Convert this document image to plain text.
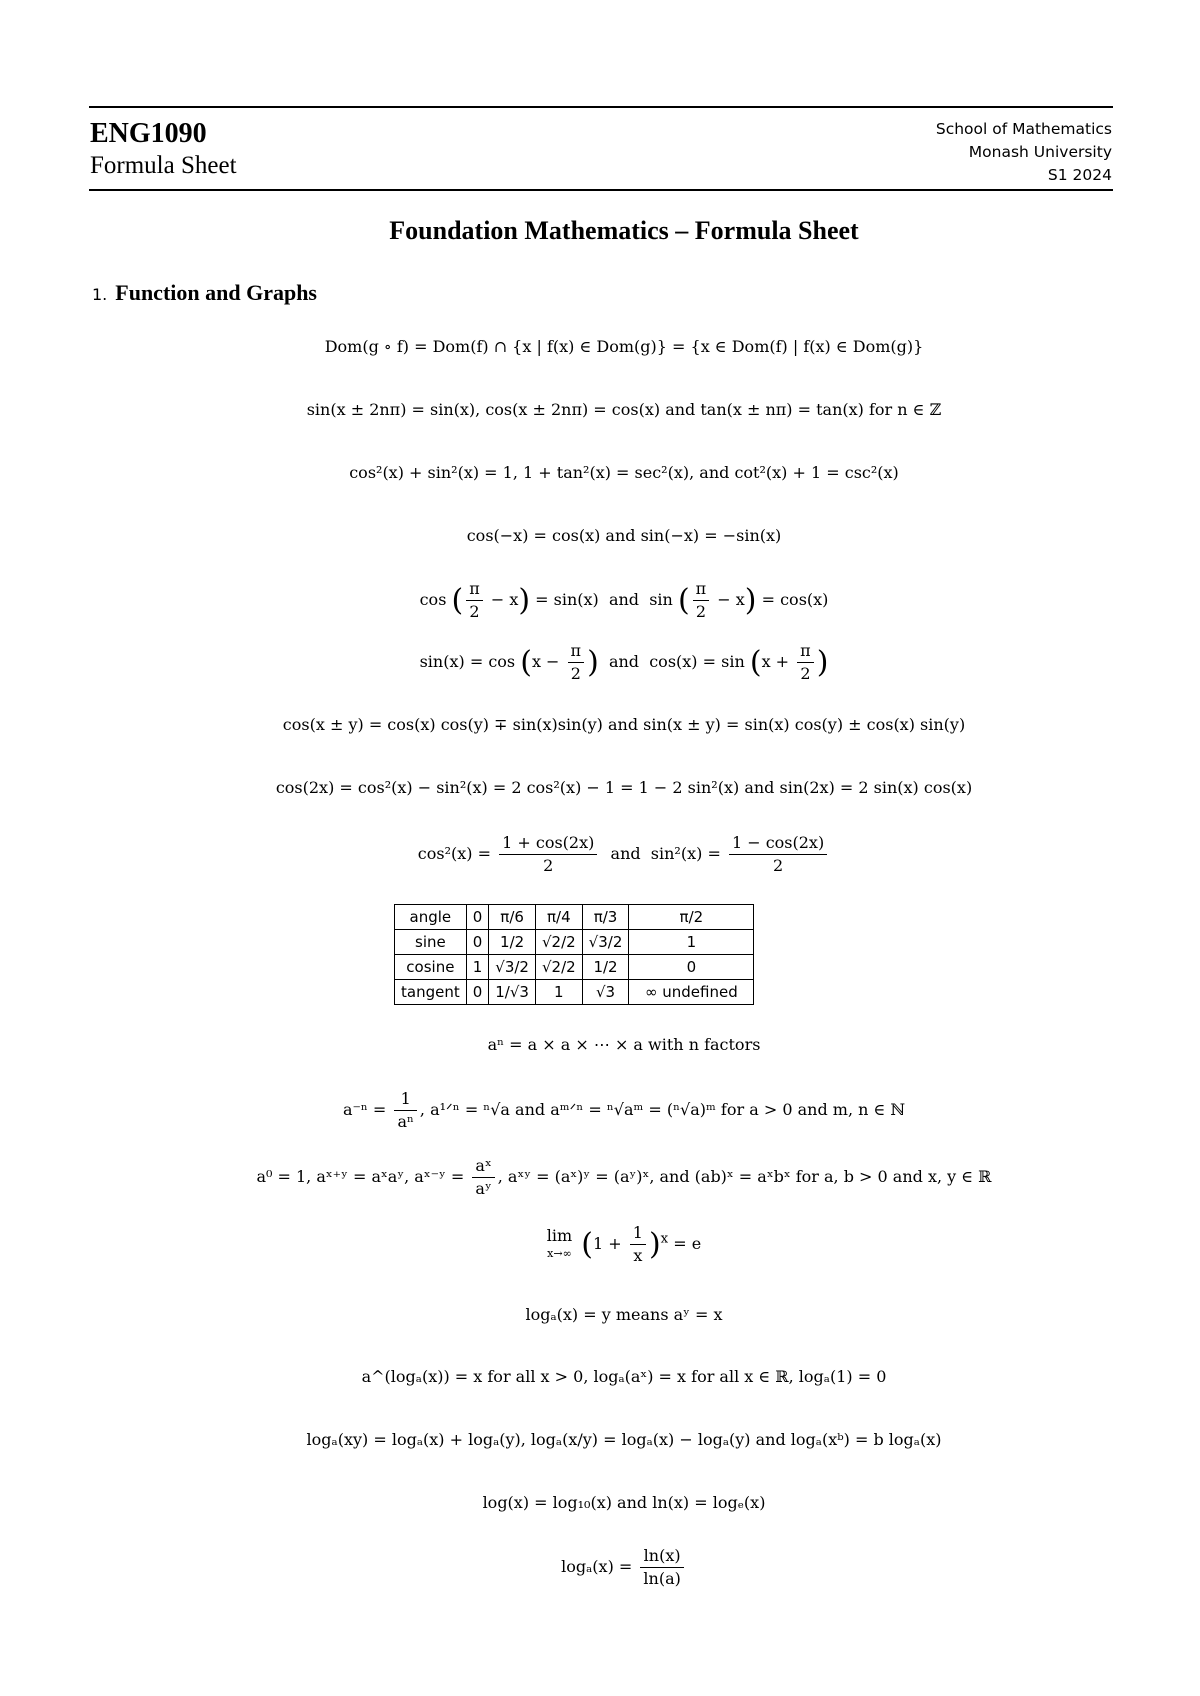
ENG1090
Formula Sheet
School of Mathematics
Monash University
S1 2024
Foundation Mathematics – Formula Sheet
1. Function and Graphs
Dom(g ∘ f) = Dom(f) ∩ {x | f(x) ∈ Dom(g)} = {x ∈ Dom(f) | f(x) ∈ Dom(g)}
sin(x ± 2nπ) = sin(x), cos(x ± 2nπ) = cos(x) and tan(x ± nπ) = tan(x) for n ∈ ℤ
cos²(x) + sin²(x) = 1, 1 + tan²(x) = sec²(x), and cot²(x) + 1 = csc²(x)
cos(−x) = cos(x) and sin(−x) = −sin(x)
cos ( $\frac{\pi}{2} - x) = \sin(x)$ and sin ( $\frac{\pi}{2} - x) = \cos(x)$
$\sin(x) = \cos (x - \frac{\pi}{2}$ ) and $\cos(x) = \sin (x + \frac{\pi}{2}$ )
cos(x ± y) = cos(x) cos(y) ∓ sin(x)sin(y) and sin(x ± y) = sin(x) cos(y) ± cos(x) sin(y)
cos(2x) = cos²(x) − sin²(x) = 2 cos²(x) − 1 = 1 − 2 sin²(x) and sin(2x) = 2 sin(x) cos(x)
$\cos^2(x) = \frac{1 + \cos(2x)}{2}$ and $\sin^2(x) = \frac{1 - \cos(2x)}{2}$
angle	0	π/6	π/4	π/3	π/2
sine	0	1/2	√2/2	√3/2	1
cosine	1	√3/2	√2/2	1/2	0
tangent	0	1/√3	1	√3	∞ undefined
aⁿ = a × a × ⋯ × a with n factors
$a^{-n} = \frac{1}{\text{aⁿ}}$ , a¹ᐟⁿ = ⁿ√a and aᵐᐟⁿ = ⁿ√aᵐ = (ⁿ√a)ᵐ for a > 0 and m, n ∈ ℕ
a⁰ = 1, aˣ⁺ʸ = aˣaʸ, aˣ⁻ʸ = $\frac{\text{aˣ}}{\text{aʸ}}$ , aˣʸ = (aˣ)ʸ = (aʸ)ˣ, and (ab)ˣ = aˣbˣ for a, b > 0 and x, y ∈ ℝ
lim
x→∞ $(1 + \frac{1}{x} )^x = e$
logₐ(x) = y means aʸ = x
a^(logₐ(x)) = x for all x > 0, logₐ(aˣ) = x for all x ∈ ℝ, logₐ(1) = 0
logₐ(xy) = logₐ(x) + logₐ(y), logₐ(x/y) = logₐ(x) − logₐ(y) and logₐ(xᵇ) = b logₐ(x)
log(x) = log₁₀(x) and ln(x) = logₑ(x)
$\log_a(x) = \frac{\ln(x)}{\ln(a)}$
